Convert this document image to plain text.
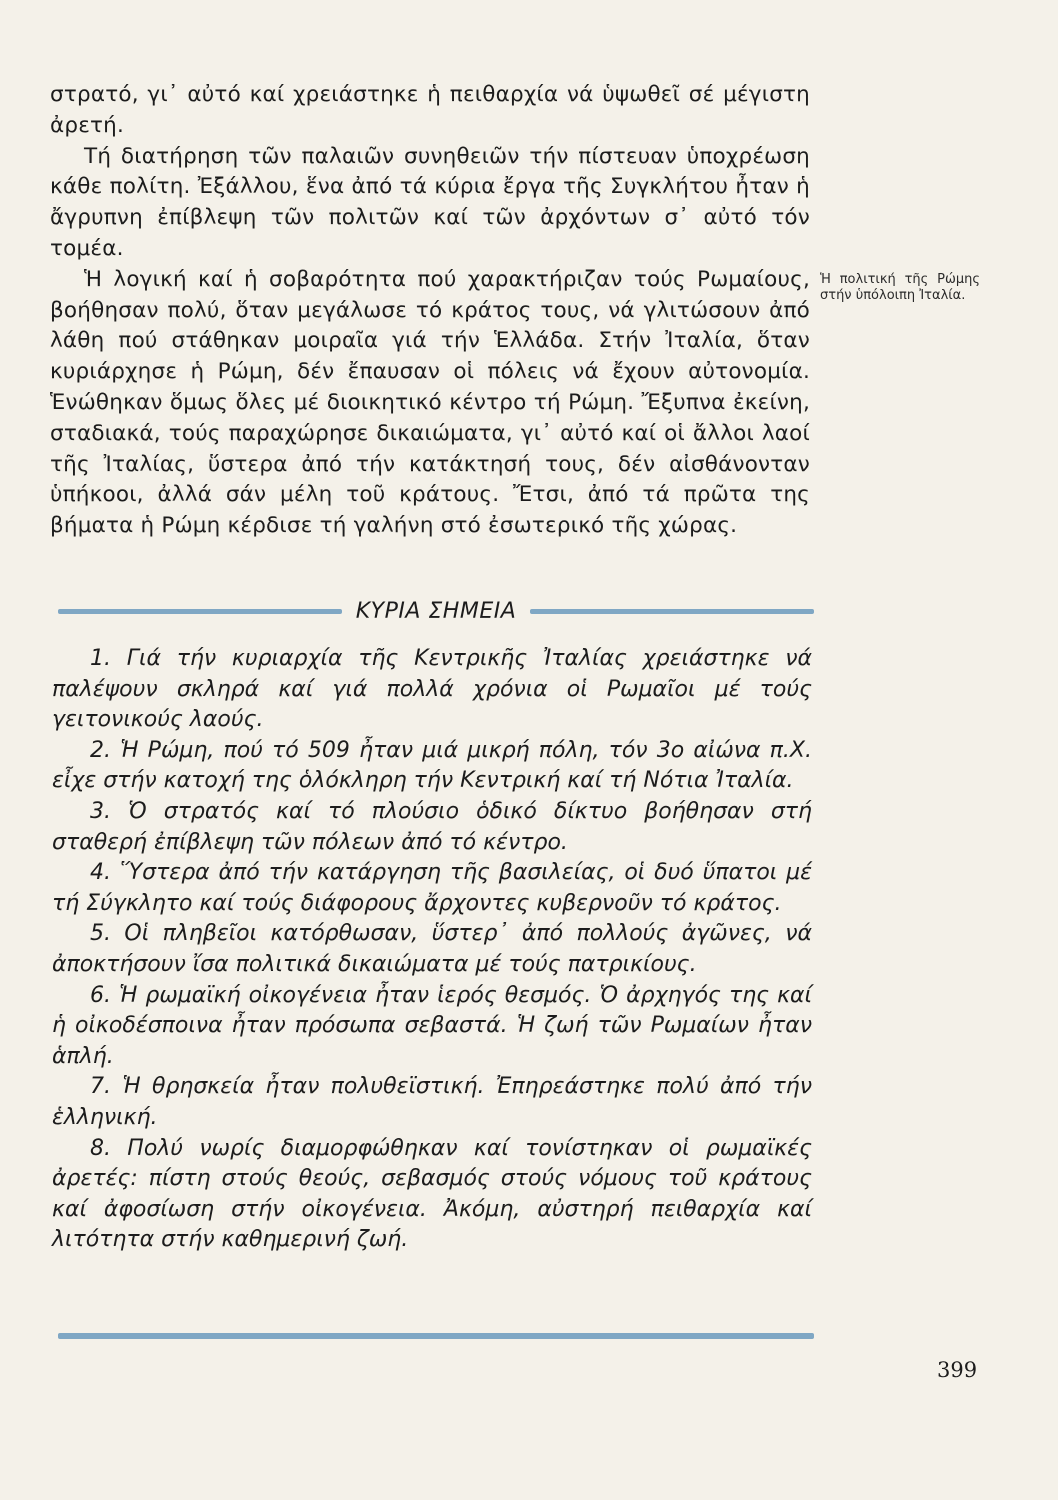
στρατό, γι᾿ αὐτό καί χρειάστηκε ἡ πειθαρχία νά ὑψωθεῖ σέ μέγιστη ἀρετή.

Τή διατήρηση τῶν παλαιῶν συνηθειῶν τήν πίστευαν ὑποχρέωση κάθε πολίτη. Ἐξάλλου, ἕνα ἀπό τά κύρια ἔργα τῆς Συγκλήτου ἦταν ἡ ἄγρυπνη ἐπίβλεψη τῶν πολιτῶν καί τῶν ἀρχόντων σ᾿ αὐτό τόν τομέα.

Ἡ λογική καί ἡ σοβαρότητα πού χαρακτήριζαν τούς Ρωμαίους, βοήθησαν πολύ, ὅταν μεγάλωσε τό κράτος τους, νά γλιτώσουν ἀπό λάθη πού στάθηκαν μοιραῖα γιά τήν Ἑλλάδα. Στήν Ἰταλία, ὅταν κυριάρχησε ἡ Ρώμη, δέν ἔπαυσαν οἱ πόλεις νά ἔχουν αὐτονομία. Ἑνώθηκαν ὅμως ὅλες μέ διοικητικό κέντρο τή Ρώμη. Ἔξυπνα ἐκείνη, σταδιακά, τούς παραχώρησε δικαιώματα, γι᾿ αὐτό καί οἱ ἄλλοι λαοί τῆς Ἰταλίας, ὕστερα ἀπό τήν κατάκτησή τους, δέν αἰσθάνονταν ὑπήκοοι, ἀλλά σάν μέλη τοῦ κράτους. Ἔτσι, ἀπό τά πρῶτα της βήματα ἡ Ρώμη κέρδισε τή γαλήνη στό ἐσωτερικό τῆς χώρας.

Ἡ πολιτική τῆς Ρώμης στήν ὑπόλοιπη Ἰταλία.
ΚΥΡΙΑ ΣΗΜΕΙΑ
1. Γιά τήν κυριαρχία τῆς Κεντρικῆς Ἰταλίας χρειάστηκε νά παλέψουν σκληρά καί γιά πολλά χρόνια οἱ Ρωμαῖοι μέ τούς γειτονικούς λαούς.
2. Ἡ Ρώμη, πού τό 509 ἦταν μιά μικρή πόλη, τόν 3ο αἰώνα π.Χ. εἶχε στήν κατοχή της ὁλόκληρη τήν Κεντρική καί τή Νότια Ἰταλία.
3. Ὁ στρατός καί τό πλούσιο ὁδικό δίκτυο βοήθησαν στή σταθερή ἐπίβλεψη τῶν πόλεων ἀπό τό κέντρο.
4. Ὕστερα ἀπό τήν κατάργηση τῆς βασιλείας, οἱ δυό ὕπατοι μέ τή Σύγκλητο καί τούς διάφορους ἄρχοντες κυβερνοῦν τό κράτος.
5. Οἱ πληβεῖοι κατόρθωσαν, ὕστερ᾿ ἀπό πολλούς ἀγῶνες, νά ἀποκτήσουν ἴσα πολιτικά δικαιώματα μέ τούς πατρικίους.
6. Ἡ ρωμαϊκή οἰκογένεια ἦταν ἱερός θεσμός. Ὁ ἀρχηγός της καί ἡ οἰκοδέσποινα ἦταν πρόσωπα σεβαστά. Ἡ ζωή τῶν Ρωμαίων ἦταν ἁπλή.
7. Ἡ θρησκεία ἦταν πολυθεϊστική. Ἐπηρεάστηκε πολύ ἀπό τήν ἑλληνική.
8. Πολύ νωρίς διαμορφώθηκαν καί τονίστηκαν οἱ ρωμαϊκές ἀρετές: πίστη στούς θεούς, σεβασμός στούς νόμους τοῦ κράτους καί ἀφοσίωση στήν οἰκογένεια. Ἀκόμη, αὐστηρή πειθαρχία καί λιτότητα στήν καθημερινή ζωή.
399
